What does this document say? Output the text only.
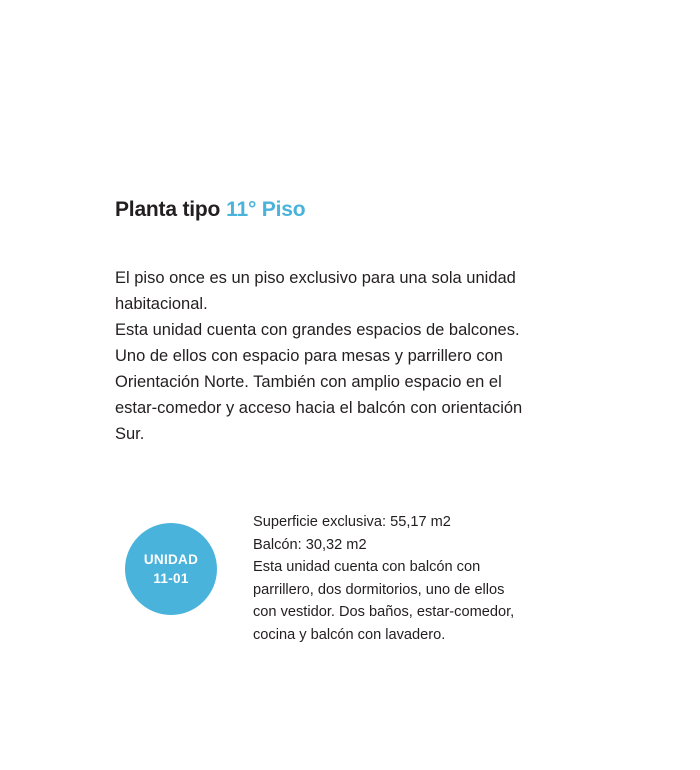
Planta tipo 11° Piso
El piso once es un piso exclusivo para una sola unidad
habitacional.
Esta unidad cuenta con grandes espacios de balcones.
Uno de ellos con espacio para mesas y parrillero con
Orientación Norte. También con amplio espacio en el
estar-comedor y acceso hacia el balcón con orientación
Sur.
UNIDAD
11-01
Superficie exclusiva: 55,17 m2
Balcón: 30,32 m2
Esta unidad cuenta con balcón con
parrillero, dos dormitorios, uno de ellos
con vestidor. Dos baños, estar-comedor,
cocina y balcón con lavadero.
